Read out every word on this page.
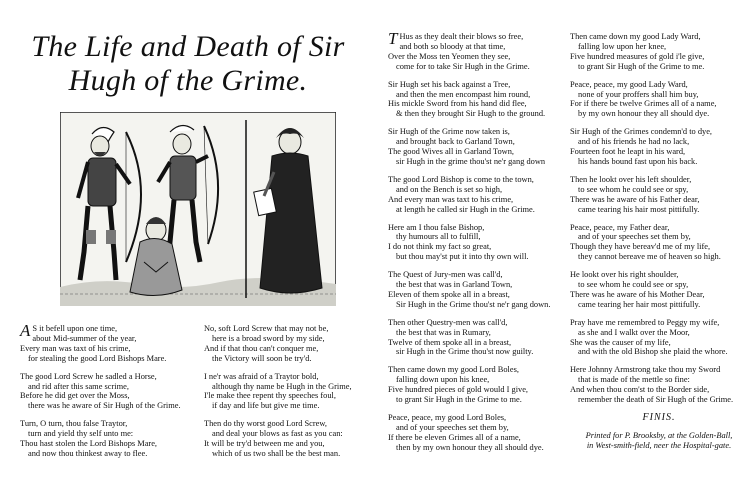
The Life and Death of Sir
Hugh of the Grime.
A S it befell upon one time,
about Mid-summer of the year,
Every man was taxt of his crime,
for stealing the good Lord Bishops Mare.
The good Lord Screw he sadled a Horse,
and rid after this same scrime,
Before he did get over the Moss,
there was he aware of Sir Hugh of the Grime.
Turn, O turn, thou false Traytor,
turn and yield thy self unto me:
Thou hast stolen the Lord Bishops Mare,
and now thou thinkest away to flee.
No, soft Lord Screw that may not be,
here is a broad sword by my side,
And if that thou can't conquer me,
the Victory will soon be try'd.
I ne'r was afraid of a Traytor bold,
although thy name be Hugh in the Grime,
I'le make thee repent thy speeches foul,
if day and life but give me time.
Then do thy worst good Lord Screw,
and deal your blows as fast as you can:
It will be try'd between me and you,
which of us two shall be the best man.
T Hus as they dealt their blows so free,
and both so bloody at that time,
Over the Moss ten Yeomen they see,
come for to take Sir Hugh in the Grime.
Sir Hugh set his back against a Tree,
and then the men encompast him round,
His mickle Sword from his hand did flee,
& then they brought Sir Hugh to the ground.
Sir Hugh of the Grime now taken is,
and brought back to Garland Town,
The good Wives all in Garland Town,
sir Hugh in the grime thou'st ne'r gang down
The good Lord Bishop is come to the town,
and on the Bench is set so high,
And every man was taxt to his crime,
at length he called sir Hugh in the Grime.
Here am I thou false Bishop,
thy humours all to fulfill,
I do not think my fact so great,
but thou may'st put it into thy own will.
The Quest of Jury-men was call'd,
the best that was in Garland Town,
Eleven of them spoke all in a breast,
Sir Hugh in the Grime thou'st ne'r gang down.
Then other Questry-men was call'd,
the best that was in Rumary,
Twelve of them spoke all in a breast,
sir Hugh in the Grime thou'st now guilty.
Then came down my good Lord Boles,
falling down upon his knee,
Five hundred pieces of gold would I give,
to grant Sir Hugh in the Grime to me.
Peace, peace, my good Lord Boles,
and of your speeches set them by,
If there be eleven Grimes all of a name,
then by my own honour they all should dye.
Then came down my good Lady Ward,
falling low upon her knee,
Five hundred measures of gold i'le give,
to grant Sir Hugh of the Grime to me.
Peace, peace, my good Lady Ward,
none of your proffers shall him buy,
For if there be twelve Grimes all of a name,
by my own honour they all should dye.
Sir Hugh of the Grimes condemn'd to dye,
and of his friends he had no lack,
Fourteen foot he leapt in his ward,
his hands bound fast upon his back.
Then he lookt over his left shoulder,
to see whom he could see or spy,
There was he aware of his Father dear,
came tearing his hair most pittifully.
Peace, peace, my Father dear,
and of your speeches set them by,
Though they have bereav'd me of my life,
they cannot bereave me of heaven so high.
He lookt over his right shoulder,
to see whom he could see or spy,
There was he aware of his Mother Dear,
came tearing her hair most pittifully.
Pray have me remembred to Peggy my wife,
as she and I walkt over the Moor,
She was the causer of my life,
and with the old Bishop she plaid the whore.
Here Johnny Armstrong take thou my Sword
that is made of the mettle so fine:
And when thou com'st to the Border side,
remember the death of Sir Hugh of the Grime.
FINIS.
Printed for P. Brooksby, at the Golden-Ball,
in West-smith-field, neer the Hospital-gate.
